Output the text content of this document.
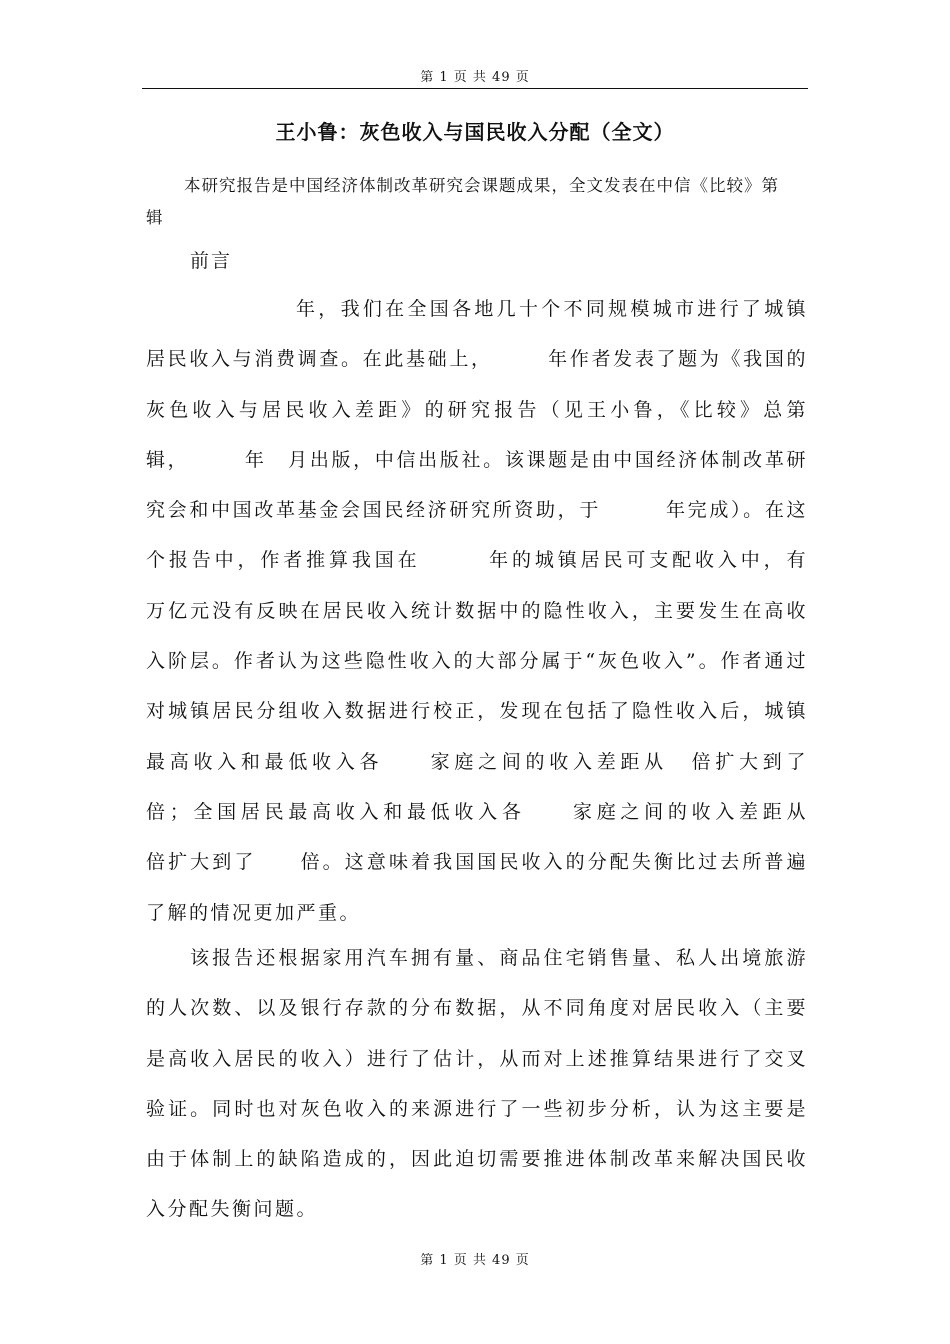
第 1 页 共 49 页
王小鲁：灰色收入与国民收入分配（全文）
本研究报告是中国经济体制改革研究会课题成果，全文发表在中信《比较》第　　辑
前言

年，我们在全国各地几十个不同规模城市进行了城镇居民收入与消费调查。在此基础上，　　　年作者发表了题为《我国的灰色收入与居民收入差距》的研究报告（见王小鲁，《比较》总第　　辑，　　　年　月出版，中信出版社。该课题是由中国经济体制改革研究会和中国改革基金会国民经济研究所资助，于　　　年完成）。在这个报告中，作者推算我国在　　　年的城镇居民可支配收入中，有　　万亿元没有反映在居民收入统计数据中的隐性收入，主要发生在高收入阶层。作者认为这些隐性收入的大部分属于“灰色收入”。作者通过对城镇居民分组收入数据进行校正，发现在包括了隐性收入后，城镇最高收入和最低收入各　　家庭之间的收入差距从　倍扩大到了　　倍；全国居民最高收入和最低收入各　　家庭之间的收入差距从　　倍扩大到了　　倍。这意味着我国国民收入的分配失衡比过去所普遍了解的情况更加严重。

该报告还根据家用汽车拥有量、商品住宅销售量、私人出境旅游的人次数、以及银行存款的分布数据，从不同角度对居民收入（主要是高收入居民的收入）进行了估计，从而对上述推算结果进行了交叉验证。同时也对灰色收入的来源进行了一些初步分析，认为这主要是由于体制上的缺陷造成的，因此迫切需要推进体制改革来解决国民收入分配失衡问题。

第 1 页 共 49 页
